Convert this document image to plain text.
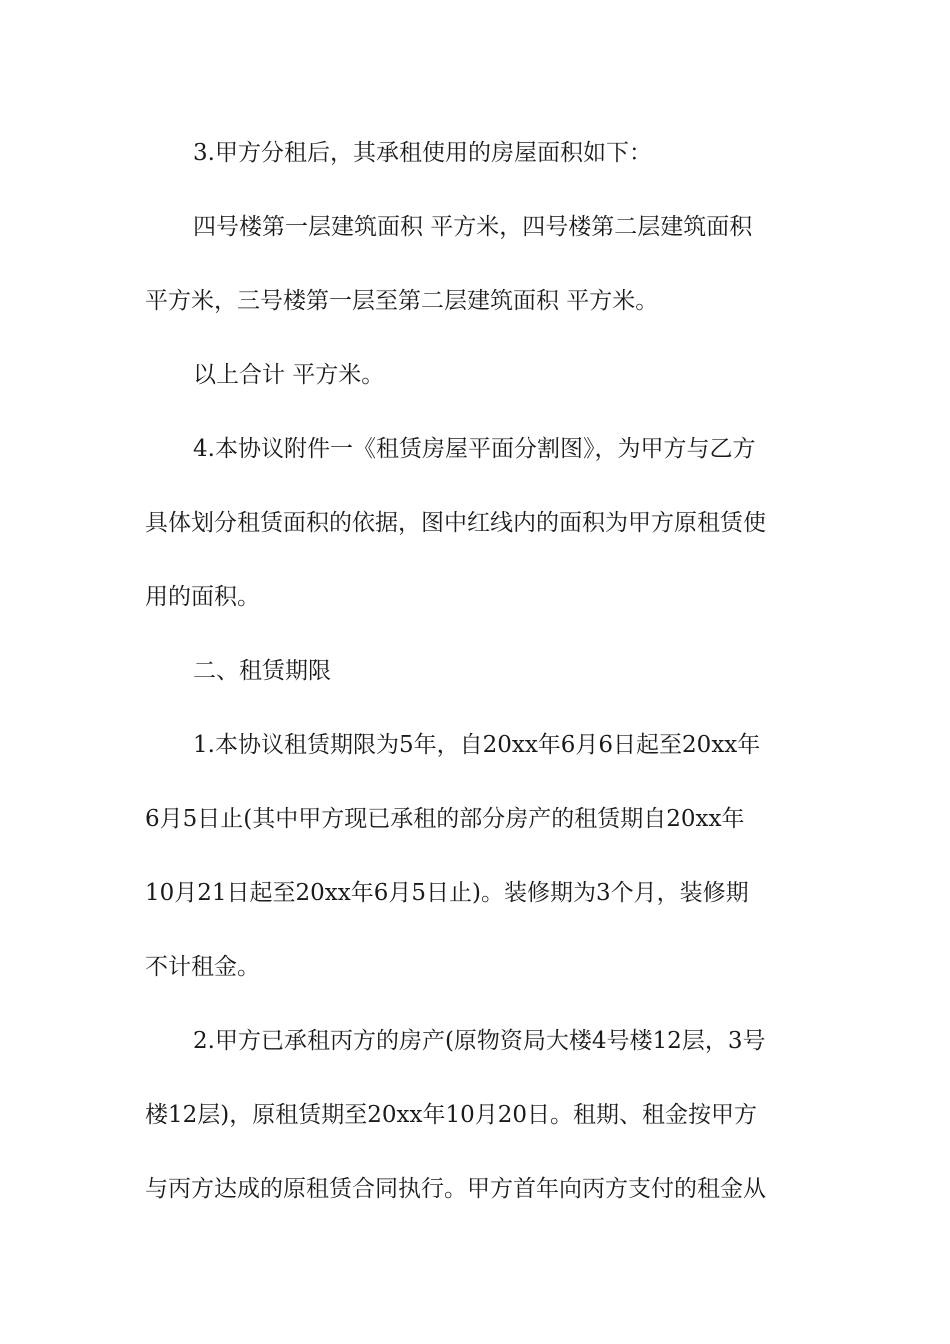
3.甲方分租后，其承租使用的房屋面积如下：
四号楼第一层建筑面积 平方米，四号楼第二层建筑面积
平方米，三号楼第一层至第二层建筑面积 平方米。
以上合计 平方米。
4.本协议附件一《租赁房屋平面分割图》，为甲方与乙方
具体划分租赁面积的依据，图中红线内的面积为甲方原租赁使
用的面积。
二、租赁期限
1.本协议租赁期限为5年，自20xx年6月6日起至20xx年
6月5日止(其中甲方现已承租的部分房产的租赁期自20xx年
10月21日起至20xx年6月5日止)。装修期为3个月，装修期
不计租金。
2.甲方已承租丙方的房产(原物资局大楼4号楼12层，3号
楼12层)，原租赁期至20xx年10月20日。租期、租金按甲方
与丙方达成的原租赁合同执行。甲方首年向丙方支付的租金从
